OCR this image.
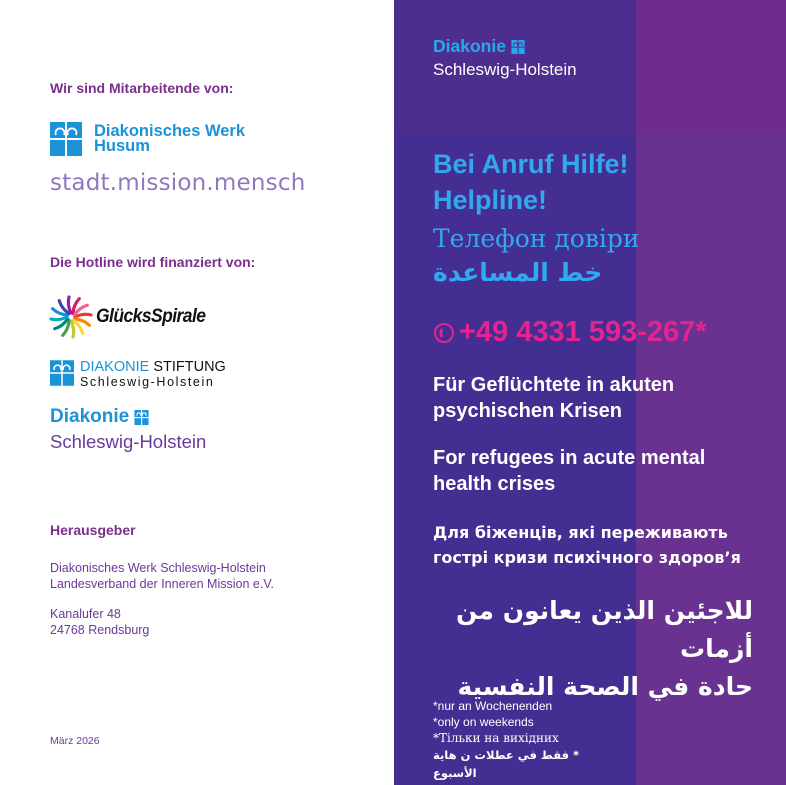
Wir sind Mitarbeitende von:
Diakonisches Werk
Husum
stadt.mission.mensch
Die Hotline wird finanziert von:
GlücksSpirale
DIAKONIE STIFTUNG
Schleswig-Holstein
Diakonie
Schleswig-Holstein
Herausgeber
Diakonisches Werk Schleswig-Holstein
Landesverband der Inneren Mission e.V.
Kanalufer 48
24768 Rendsburg
März 2026
Diakonie
Schleswig-Holstein
Bei Anruf Hilfe!
Helpline!
Телефон довіри
خط المساعدة
+49 4331 593-267*
Für Geflüchtete in akuten
psychischen Krisen
For refugees in acute mental
health crises
Для біженців, які переживають
гострі кризи психічного здоров’я
للاجئين الذين يعانون من أزمات
حادة في الصحة النفسية
*nur an Wochenenden
*only on weekends
*Тільки на вихідних
* فقط في عطلات ن هاية الأسبوع
